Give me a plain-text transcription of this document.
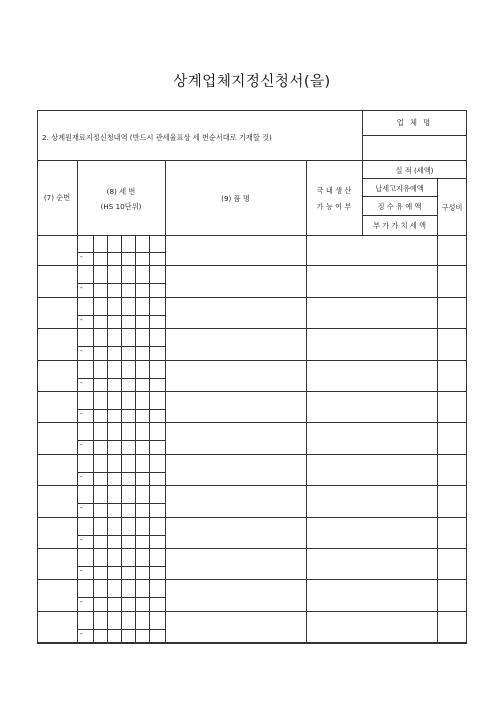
상계업체지정신청서(을)
2. 상계원재료지정신청내역 (반드시 관세율표상 세 번순서대로 기재할 것)
업 체 명
(7) 순번
(8) 세 번
(HS 10단위)
(9) 품 명
국 내 생 산
가 능 여 부
실 적 (세액)
납세고지유예액
징 수 유 예 액
부 가 가 치 세 액
구성비
-
-
-
-
-
-
-
-
-
-
-
-
-
